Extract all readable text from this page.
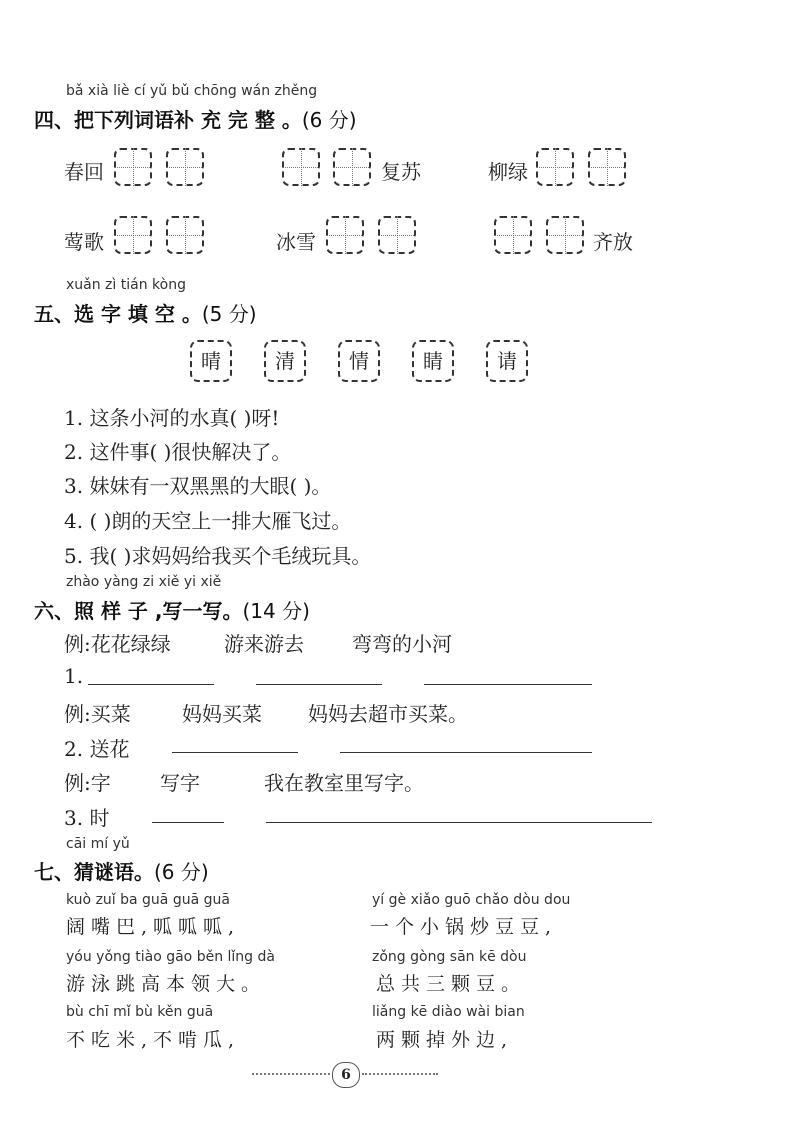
bǎ xià liè cí yǔ bǔ chōng wán zhěng
四、把下列词语补 充 完 整 。(6 分)
春回	复苏	柳绿
莺歌	冰雪	齐放
xuǎn zì tián kòng
五、选 字 填 空 。(5 分)
晴	清	情	睛	请
1. 这条小河的水真( )呀!
2. 这件事( )很快解决了。
3. 妹妹有一双黑黑的大眼( )。
4. ( )朗的天空上一排大雁飞过。
5. 我( )求妈妈给我买个毛绒玩具。
zhào yàng zi xiě yi xiě
六、照 样 子 ,写一写。(14 分)
例:花花绿绿	游来游去 弯弯的小河
1.
例:买菜	妈妈买菜 妈妈去超市买菜。
2. 送花
例:字 写字	我在教室里写字。
3. 时
cāi mí yǔ
七、猜谜语。(6 分)
kuò zuǐ ba guā guā guā
阔嘴巴,呱呱呱,
yóu yǒng tiào gāo běn lǐng dà
游泳跳高本领大。
bù chī mǐ bù kěn guā
不吃米,不啃瓜,
yí gè xiǎo guō chǎo dòu dou
一个小锅炒豆豆,
zǒng gòng sān kē dòu
总共三颗豆。
liǎng kē diào wài bian
两颗掉外边,
6
